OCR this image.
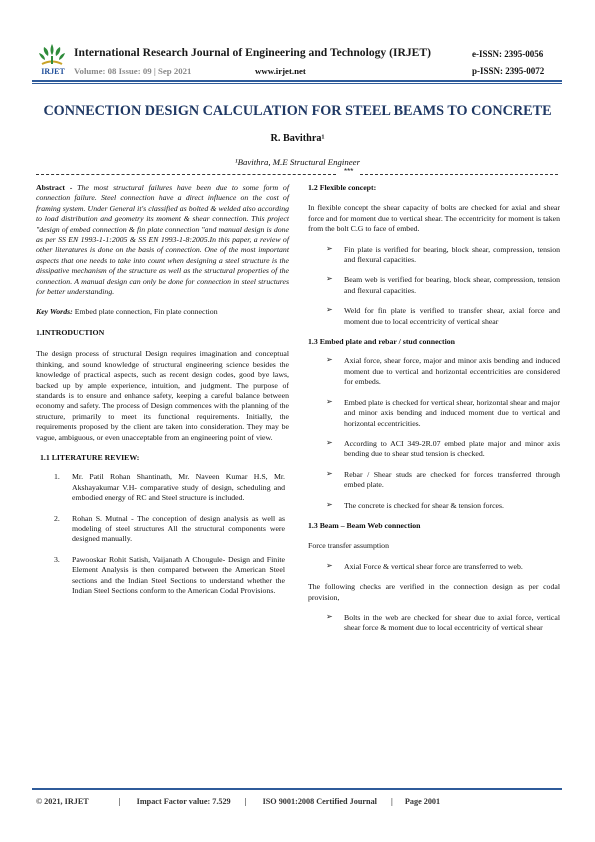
IRJET
International Research Journal of Engineering and Technology (IRJET)
Volume: 08 Issue: 09 | Sep 2021	www.irjet.net
e-ISSN: 2395-0056
p-ISSN: 2395-0072
CONNECTION DESIGN CALCULATION FOR STEEL BEAMS TO CONCRETE
R. Bavithra¹
¹Bavithra, M.E Structural Engineer
***

Abstract - The most structural failures have been due to some form of connection failure. Steel connection have a direct influence on the cost of framing system. Under General it's classified as bolted & welded also according to load distribution and geometry its moment & shear connection. This project "design of embed connection & fin plate connection "and manual design is done as per SS EN 1993-1-1:2005 & SS EN 1993-1-8:2005.In this paper, a review of other literatures is done on the basis of connection. One of the most important aspects that one needs to take into count when designing a steel structure is the dissipative mechanism of the structure as well as the structural properties of the connection. A manual design can only be done for connection in steel structures for better understanding.

Key Words: Embed plate connection, Fin plate connection

1.INTRODUCTION

The design process of structural Design requires imagination and conceptual thinking, and sound knowledge of structural engineering science besides the knowledge of practical aspects, such as recent design codes, good bye laws, backed up by ample experience, intuition, and judgment. The purpose of standards is to ensure and enhance safety, keeping a careful balance between economy and safety. The process of Design commences with the planning of the structure, primarily to meet its functional requirements. Initially, the requirements proposed by the client are taken into consideration. They may be vague, ambiguous, or even unacceptable from an engineering point of view.

1.1 LITERATURE REVIEW:

1. Mr. Patil Rohan Shantinath, Mr. Naveen Kumar H.S, Mr. Akshayakumar V.H- comparative study of design, scheduling and embodied energy of RC and Steel structure is included.
2. Rohan S. Mutnal - The conception of design analysis as well as modeling of steel structures All the structural components were designed manually.
3. Pawooskar Rohit Satish, Vaijanath A Chougule- Design and Finite Element Analysis is then compared between the American Steel sections and the Indian Steel Sections to understand whether the Indian Steel Sections conform to the American Codal Provisions.

1.2 Flexible concept:

In flexible concept the shear capacity of bolts are checked for axial and shear force and for moment due to vertical shear. The eccentricity for moment is taken from the bolt C.G to face of embed.

➢ Fin plate is verified for bearing, block shear, compression, tension and flexural capacities.
➢ Beam web is verified for bearing, block shear, compression, tension and flexural capacities.
➢ Weld for fin plate is verified to transfer shear, axial force and moment due to local eccentricity of vertical shear

1.3 Embed plate and rebar / stud connection

➢ Axial force, shear force, major and minor axis bending and induced moment due to vertical and horizontal eccentricities are considered for embeds.
➢ Embed plate is checked for vertical shear, horizontal shear and major and minor axis bending and induced moment due to vertical and horizontal eccentricities.
➢ According to ACI 349-2R.07 embed plate major and minor axis bending due to shear stud tension is checked.
➢ Rebar / Shear studs are checked for forces transferred through embed plate.
➢ The concrete is checked for shear & tension forces.

1.3 Beam – Beam Web connection

Force transfer assumption

➢ Axial Force & vertical shear force are transferred to web.

The following checks are verified in the connection design as per codal provision,

➢ Bolts in the web are checked for shear due to axial force, vertical shear force & moment due to local eccentricity of vertical shear
© 2021, IRJET	| Impact Factor value: 7.529 | ISO 9001:2008 Certified Journal | Page 2001
